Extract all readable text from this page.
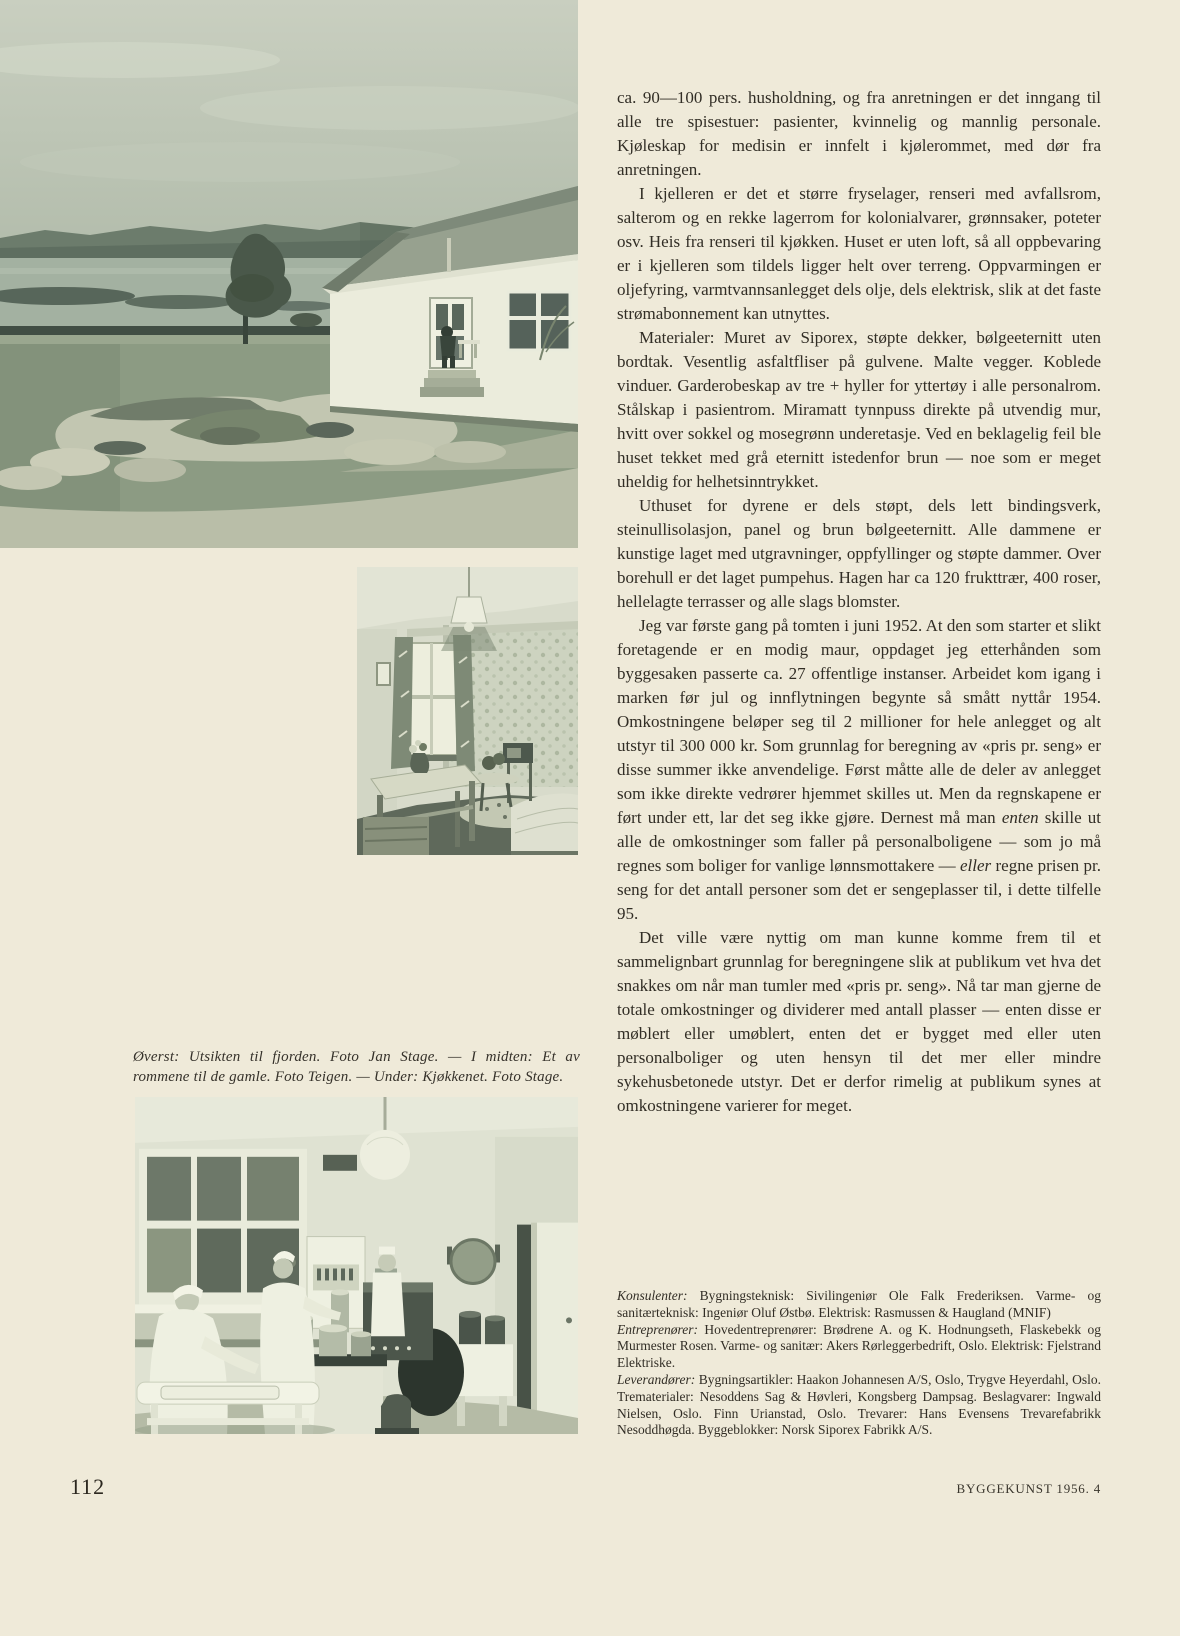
Øverst: Utsikten til fjorden. Foto Jan Stage. — I midten: Et av rommene til de gamle. Foto Teigen. — Under: Kjøkkenet. Foto Stage.

ca. 90—100 pers. husholdning, og fra anretningen er det inngang til alle tre spisestuer: pasienter, kvinnelig og mannlig personale. Kjøleskap for medisin er innfelt i kjølerommet, med dør fra anretningen.

I kjelleren er det et større fryselager, renseri med avfallsrom, salterom og en rekke lagerrom for kolonialvarer, grønnsaker, poteter osv. Heis fra renseri til kjøkken. Huset er uten loft, så all oppbevaring er i kjelleren som tildels ligger helt over terreng. Oppvarmingen er oljefyring, varmtvannsanlegget dels olje, dels elektrisk, slik at det faste strømabonnement kan utnyttes.

Materialer: Muret av Siporex, støpte dekker, bølgeeternitt uten bordtak. Vesentlig asfaltfliser på gulvene. Malte vegger. Koblede vinduer. Garderobeskap av tre + hyller for yttertøy i alle personalrom. Stålskap i pasientrom. Miramatt tynnpuss direkte på utvendig mur, hvitt over sokkel og mosegrønn underetasje. Ved en beklagelig feil ble huset tekket med grå eternitt istedenfor brun — noe som er meget uheldig for helhetsinntrykket.

Uthuset for dyrene er dels støpt, dels lett bindingsverk, steinullisolasjon, panel og brun bølgeeternitt. Alle dammene er kunstige laget med utgravninger, oppfyllinger og støpte dammer. Over borehull er det laget pumpehus. Hagen har ca 120 frukttrær, 400 roser, hellelagte terrasser og alle slags blomster.

Jeg var første gang på tomten i juni 1952. At den som starter et slikt foretagende er en modig maur, oppdaget jeg etterhånden som byggesaken passerte ca. 27 offentlige instanser. Arbeidet kom igang i marken før jul og innflytningen begynte så smått nyttår 1954. Omkostningene beløper seg til 2 millioner for hele anlegget og alt utstyr til 300 000 kr. Som grunnlag for beregning av «pris pr. seng» er disse summer ikke anvendelige. Først måtte alle de deler av anlegget som ikke direkte vedrører hjemmet skilles ut. Men da regnskapene er ført under ett, lar det seg ikke gjøre. Dernest må man enten skille ut alle de omkostninger som faller på personalboligene — som jo må regnes som boliger for vanlige lønnsmottakere — eller regne prisen pr. seng for det antall personer som det er sengeplasser til, i dette tilfelle 95.

Det ville være nyttig om man kunne komme frem til et sammelignbart grunnlag for beregningene slik at publikum vet hva det snakkes om når man tumler med «pris pr. seng». Nå tar man gjerne de totale omkostninger og dividerer med antall plasser — enten disse er møblert eller umøblert, enten det er bygget med eller uten personalboliger og uten hensyn til det mer eller mindre sykehusbetonede utstyr. Det er derfor rimelig at publikum synes at omkostningene varierer for meget.

Konsulenter: Bygningsteknisk: Sivilingeniør Ole Falk Frederiksen. Varme- og sanitærteknisk: Ingeniør Oluf Østbø. Elektrisk: Rasmussen & Haugland (MNIF)

Entreprenører: Hovedentreprenører: Brødrene A. og K. Hodnungseth, Flaskebekk og Murmester Rosen. Varme- og sanitær: Akers Rørleggerbedrift, Oslo. Elektrisk: Fjelstrand Elektriske.

Leverandører: Bygningsartikler: Haakon Johannesen A/S, Oslo, Trygve Heyerdahl, Oslo. Trematerialer: Nesoddens Sag & Høvleri, Kongsberg Dampsag. Beslagvarer: Ingwald Nielsen, Oslo. Finn Urianstad, Oslo. Trevarer: Hans Evensens Trevarefabrikk Nesoddhøgda. Byggeblokker: Norsk Siporex Fabrikk A/S.

112	BYGGEKUNST 1956. 4
